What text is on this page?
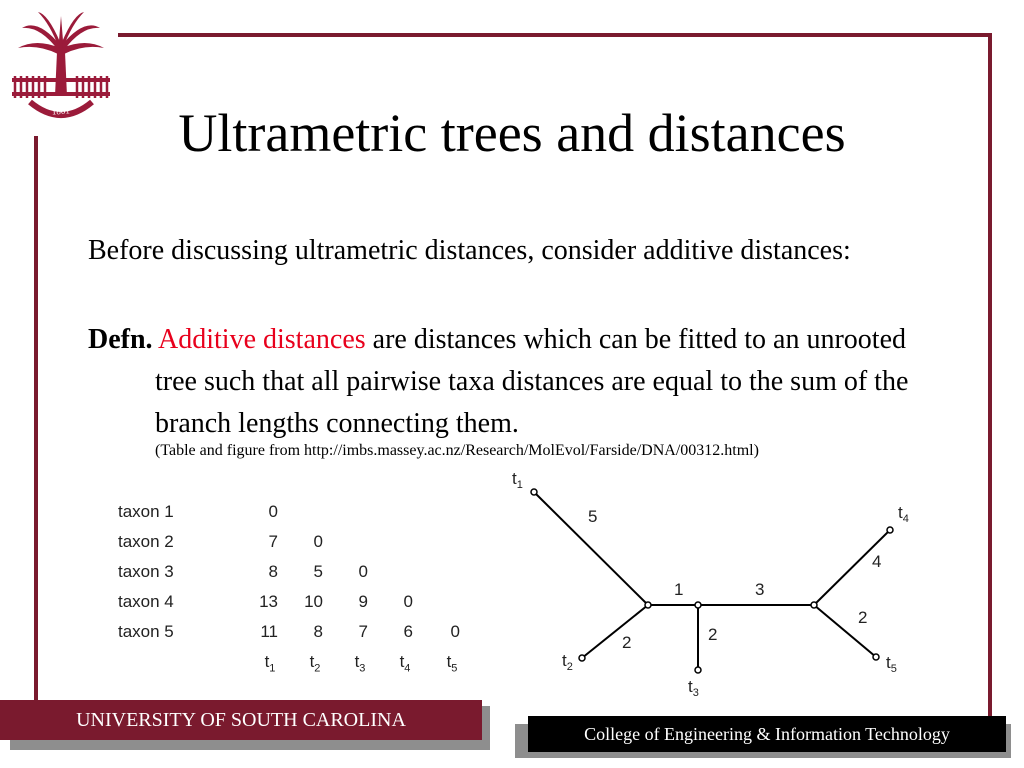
1801	Ultrametric trees and distances
Before discussing ultrametric distances, consider additive distances:
Defn. Additive distances are distances which can be fitted to an unrooted tree such that all pairwise taxa distances are equal to the sum of the branch lengths connecting them.
(Table and figure from http://imbs.massey.ac.nz/Research/MolEvol/Farside/DNA/00312.html)
taxon 1	0
taxon 2	7	0
taxon 3	8	5	0
taxon 4	13	10	9	0
taxon 5	11	8	7	6	0
$t_1$ $t_2$ $t_3$ $t_4$ $t_5$
5
2
1
2
3
4
2
$t_1$
$t_2$
$t_3$
$t_4$
$t_5$
UNIVERSITY OF SOUTH CAROLINA
College of Engineering & Information Technology
